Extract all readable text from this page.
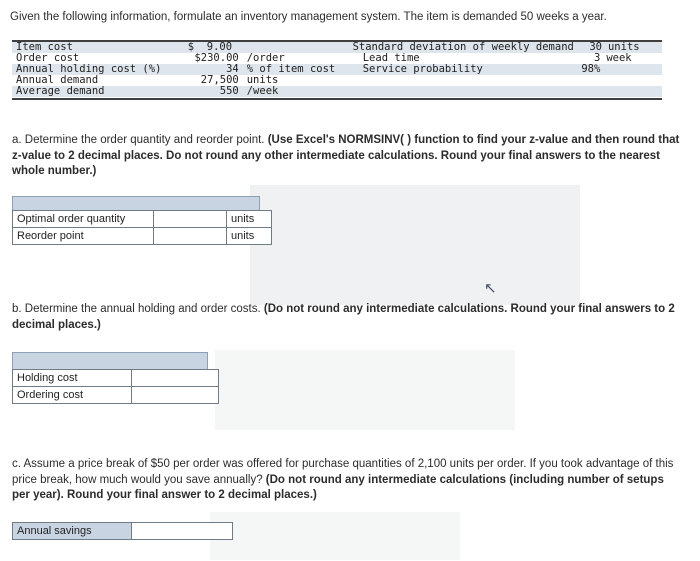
Given the following information, formulate an inventory management system. The item is demanded 50 weeks a year.
Item cost	$  9.00	Standard deviation of weekly demand	30 units
Order cost	$230.00 /order	Lead time	3 week
Annual holding cost (%)	34 % of item cost	Service probability	98%
Annual demand	27,500 units
Average demand	550 /week
a. Determine the order quantity and reorder point. (Use Excel's NORMSINV( ) function to find your z-value and then round that z-value to 2 decimal places. Do not round any other intermediate calculations. Round your final answers to the nearest whole number.)
Optimal order quantity		units
Reorder point		units
↖
b. Determine the annual holding and order costs. (Do not round any intermediate calculations. Round your final answers to 2 decimal places.)
Holding cost	
Ordering cost	
c. Assume a price break of $50 per order was offered for purchase quantities of 2,100 units per order. If you took advantage of this price break, how much would you save annually? (Do not round any intermediate calculations (including number of setups per year). Round your final answer to 2 decimal places.)
Annual savings	
